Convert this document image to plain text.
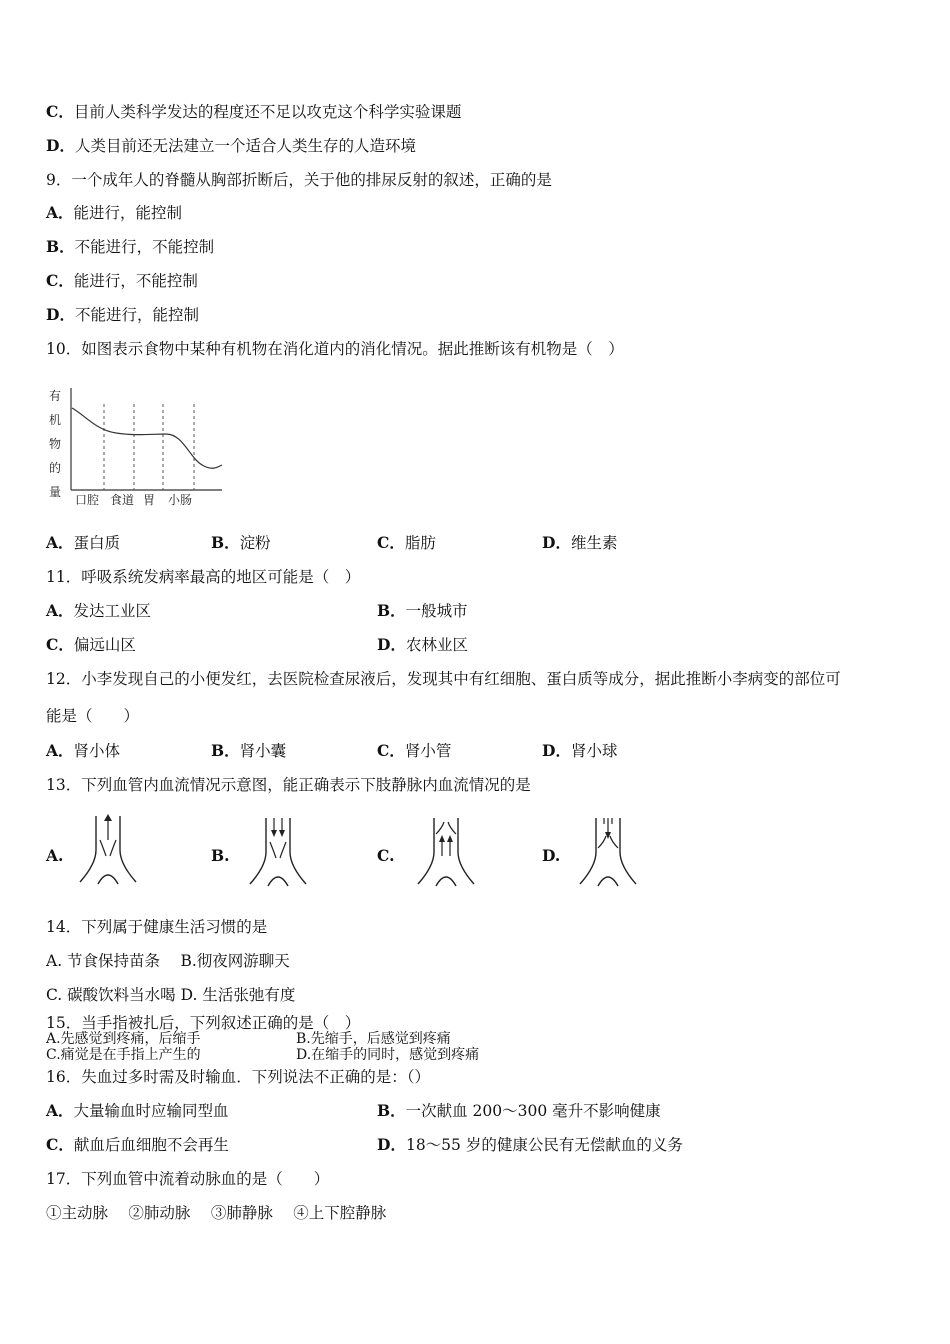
C．目前人类科学发达的程度还不足以攻克这个科学实验课题
D．人类目前还无法建立一个适合人类生存的人造环境
9．一个成年人的脊髓从胸部折断后，关于他的排尿反射的叙述，正确的是
A．能进行，能控制
B．不能进行，不能控制
C．能进行，不能控制
D．不能进行，能控制
10．如图表示食物中某种有机物在消化道内的消化情况。据此推断该有机物是（　）
有
机
物
的
量
口腔 食道 胃 小肠
A．蛋白质	B．淀粉	C．脂肪	D．维生素
11．呼吸系统发病率最高的地区可能是（　）
A．发达工业区	B．一般城市
C．偏远山区	D．农林业区
12．小李发现自己的小便发红，去医院检查尿液后，发现其中有红细胞、蛋白质等成分，据此推断小李病变的部位可
能是（　　）
A．肾小体	B．肾小囊	C．肾小管	D．肾小球
13．下列血管内血流情况示意图，能正确表示下肢静脉内血流情况的是
A.	B.	C.	D.
14．下列属于健康生活习惯的是
A. 节食保持苗条　 B.彻夜网游聊天
C. 碳酸饮料当水喝 D. 生活张弛有度
15．当手指被扎后，下列叙述正确的是（　）
A.先感觉到疼痛，后缩手	B.先缩手，后感觉到疼痛
C.痛觉是在手指上产生的	D.在缩手的同时，感觉到疼痛
16．失血过多时需及时输血．下列说法不正确的是：（）
A．大量输血时应输同型血	B．一次献血 200～300 毫升不影响健康
C．献血后血细胞不会再生	D．18～55 岁的健康公民有无偿献血的义务
17．下列血管中流着动脉血的是（　　）
①主动脉　 ②肺动脉　 ③肺静脉　 ④上下腔静脉
